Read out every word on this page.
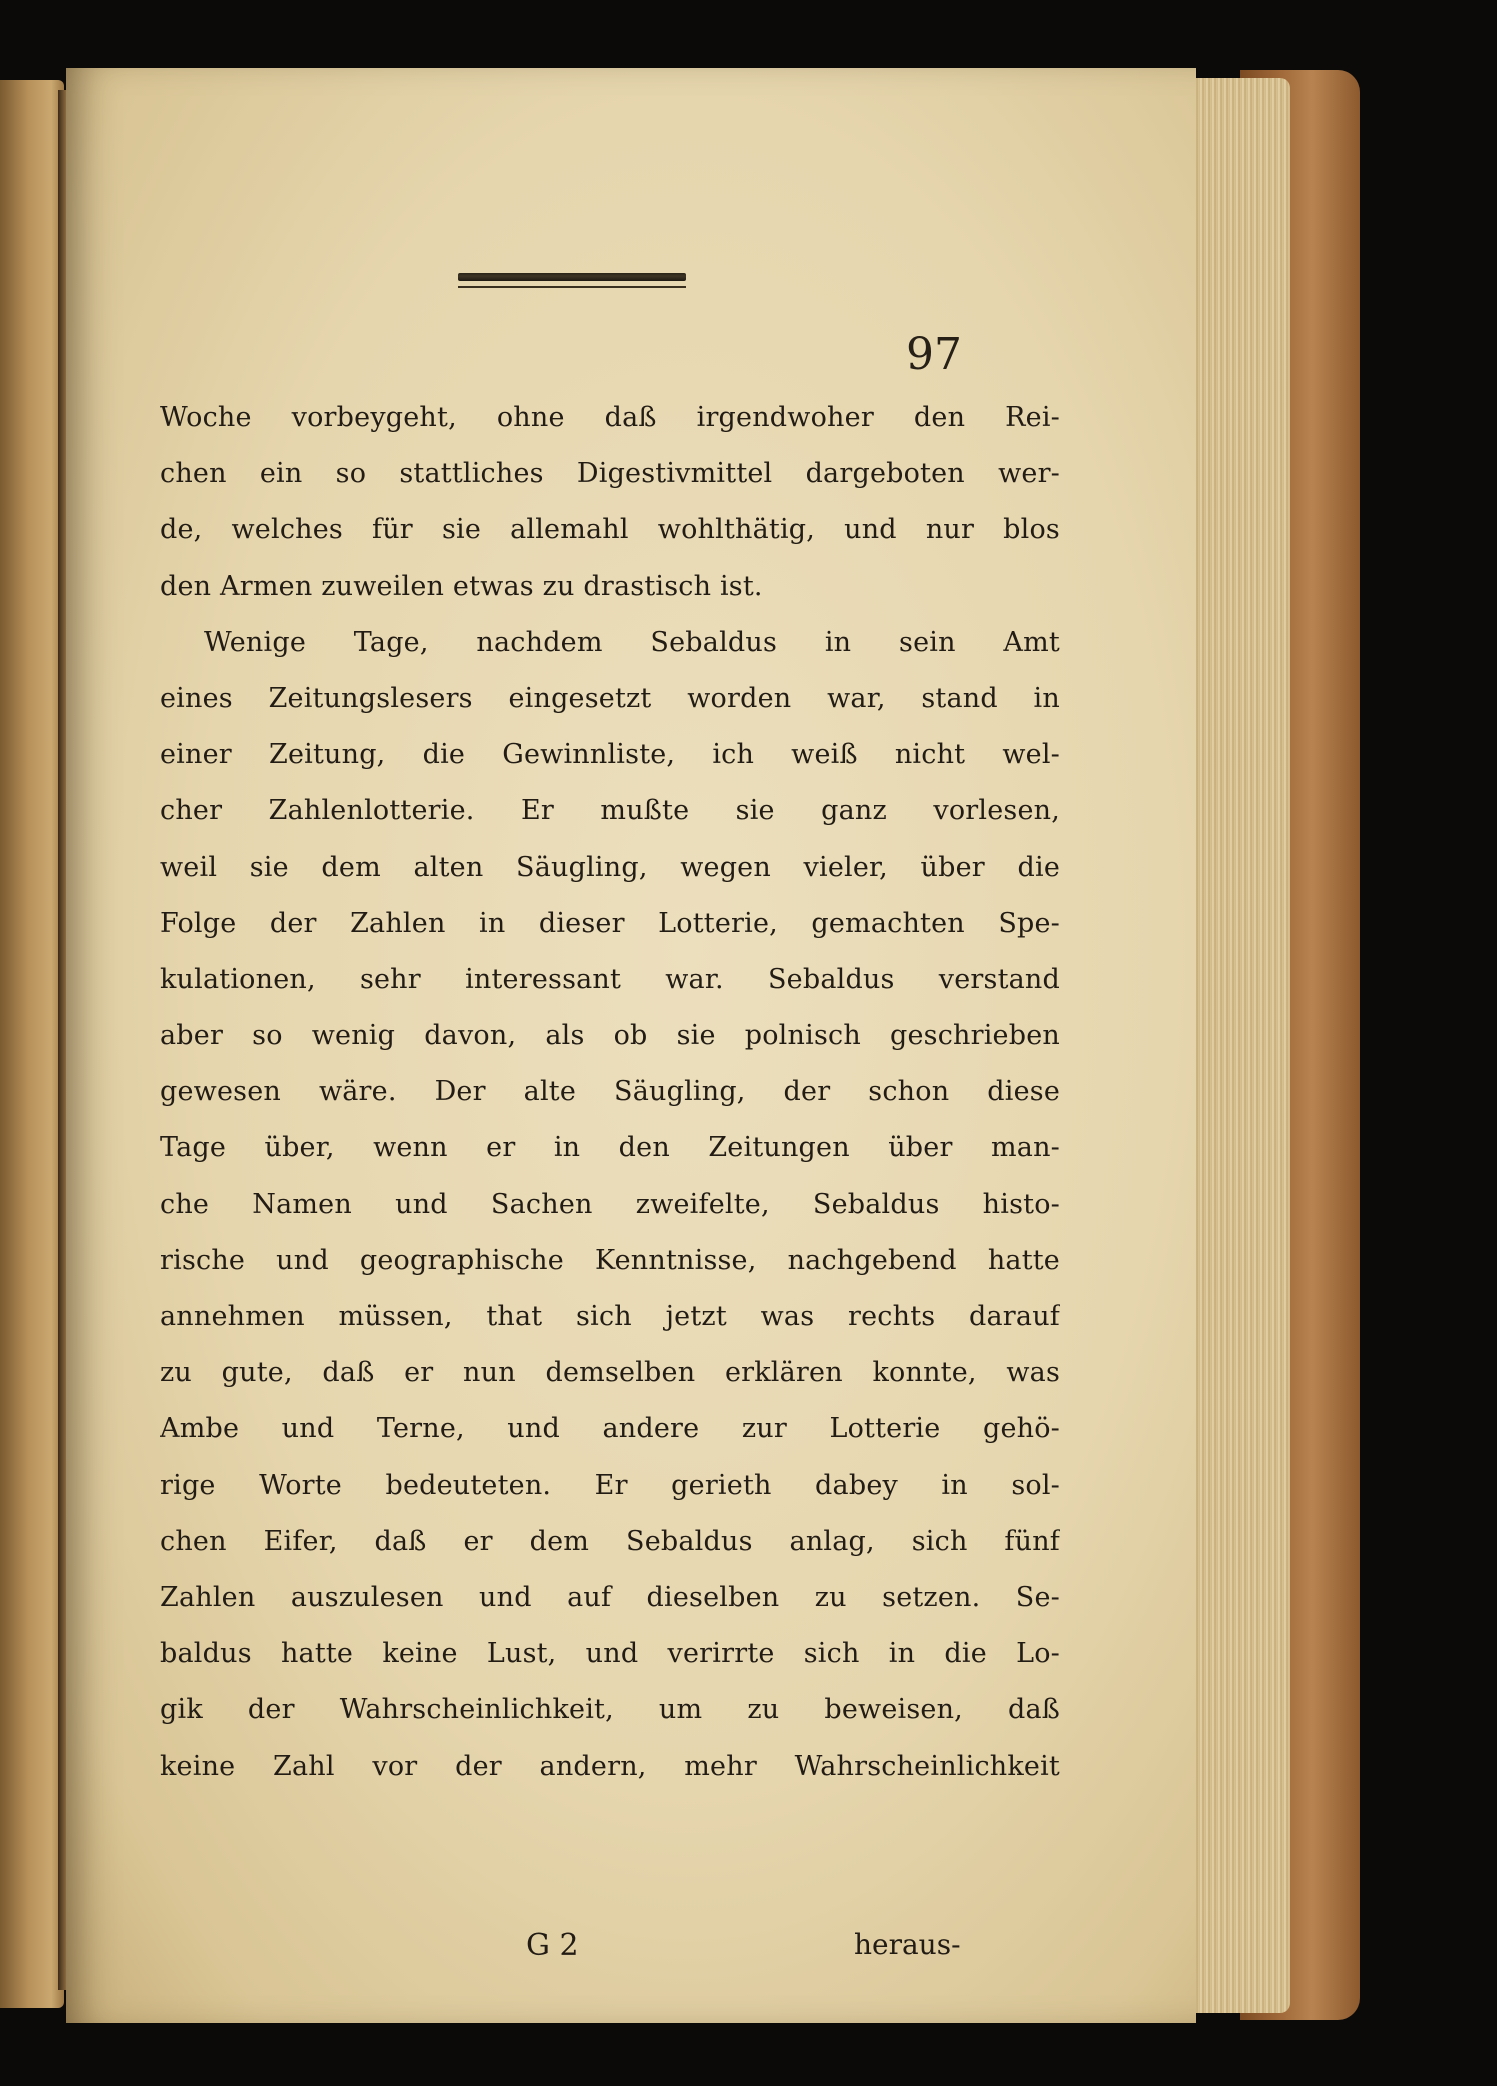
97
Woche vorbeygeht, ohne daß irgendwoher den Rei-
chen ein so stattliches Digestivmittel dargeboten wer-
de, welches für sie allemahl wohlthätig, und nur blos
den Armen zuweilen etwas zu drastisch ist.
Wenige Tage, nachdem Sebaldus in sein Amt
eines Zeitungslesers eingesetzt worden war, stand in
einer Zeitung, die Gewinnliste, ich weiß nicht wel-
cher Zahlenlotterie. Er mußte sie ganz vorlesen,
weil sie dem alten Säugling, wegen vieler, über die
Folge der Zahlen in dieser Lotterie, gemachten Spe-
kulationen, sehr interessant war. Sebaldus verstand
aber so wenig davon, als ob sie polnisch geschrieben
gewesen wäre. Der alte Säugling, der schon diese
Tage über, wenn er in den Zeitungen über man-
che Namen und Sachen zweifelte, Sebaldus histo-
rische und geographische Kenntnisse, nachgebend hatte
annehmen müssen, that sich jetzt was rechts darauf
zu gute, daß er nun demselben erklären konnte, was
Ambe und Terne, und andere zur Lotterie gehö-
rige Worte bedeuteten. Er gerieth dabey in sol-
chen Eifer, daß er dem Sebaldus anlag, sich fünf
Zahlen auszulesen und auf dieselben zu setzen. Se-
baldus hatte keine Lust, und verirrte sich in die Lo-
gik der Wahrscheinlichkeit, um zu beweisen, daß
keine Zahl vor der andern, mehr Wahrscheinlichkeit
G 2	heraus-
